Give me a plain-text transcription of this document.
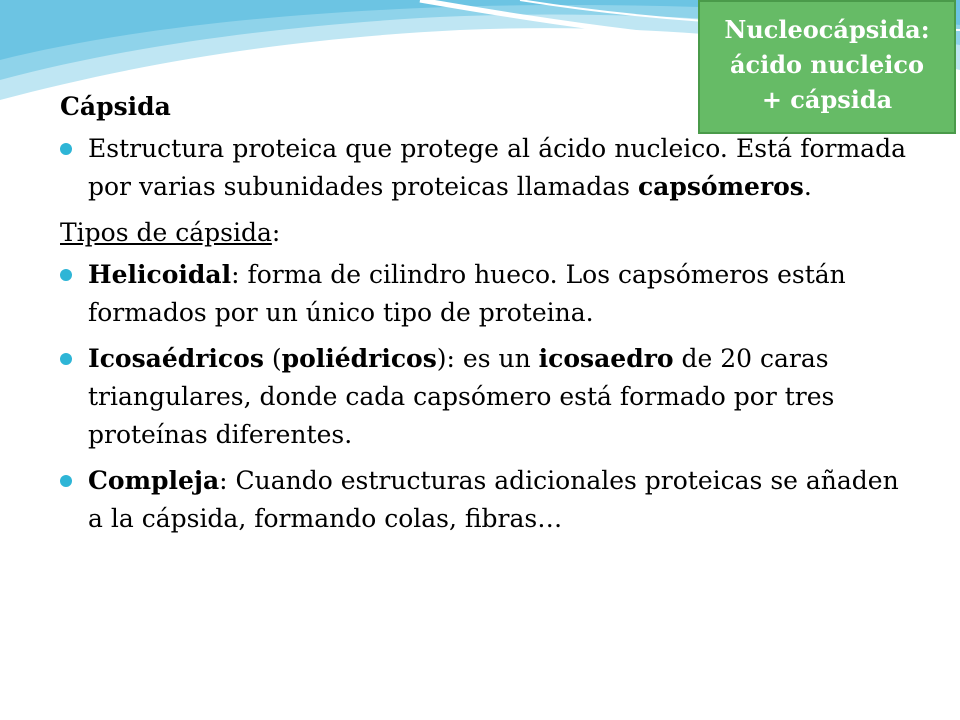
Nucleocápsida:
ácido nucleico
+ cápsida
Cápsida
Estructura proteica que protege al ácido nucleico. Está formada por varias subunidades proteicas llamadas capsómeros.
Tipos de cápsida:
Helicoidal: forma de cilindro hueco. Los capsómeros están formados por un único tipo de proteina.
Icosaédricos (poliédricos): es un icosaedro de 20 caras triangulares, donde cada capsómero está formado por tres proteínas diferentes.
Compleja: Cuando estructuras adicionales proteicas se añaden a la cápsida, formando colas, fibras…
